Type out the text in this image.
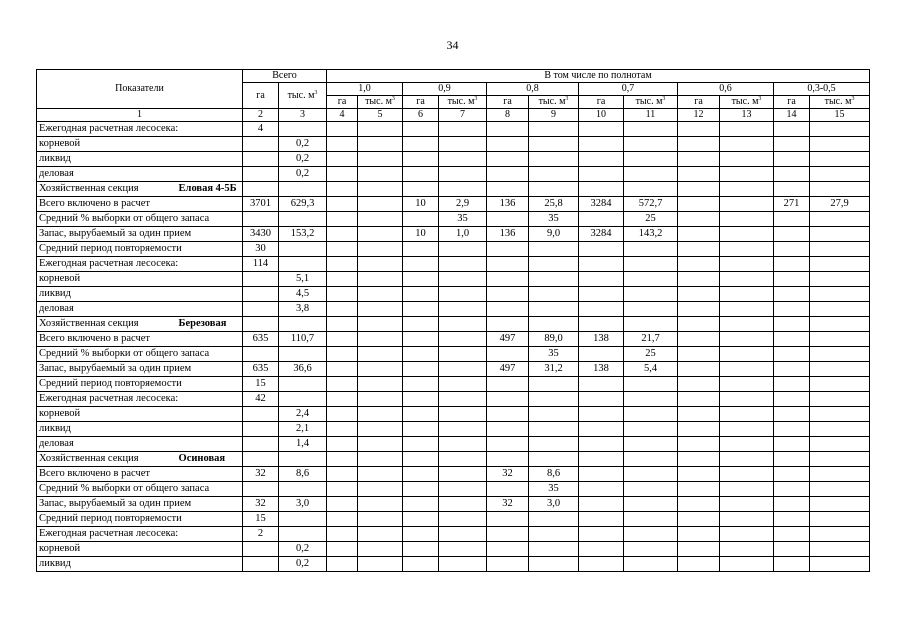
34
Показатели	Всего		В том числе по полнотам											
	га	тыс. $м^3$	1,0		0,9		0,8		0,7		0,6		0,3-0,5	
			га	тыс. $м^3$	га	тыс. $м^3$	га	тыс. $м^3$	га	тыс. $м^3$	га	тыс. $м^3$	га	тыс. $м^3$
1	2	3	4	5	6	7	8	9	10	11	12	13	14	15
Ежегодная расчетная лесосека:	4													
корневой		0,2												
ликвид		0,2												
деловая		0,2												
Хозяйственная секция Еловая 4-5Б														
Всего включено в расчет	3701	629,3			10	2,9	136	25,8	3284	572,7			271	27,9
Средний % выборки от общего запаса						35		35		25				
Запас, вырубаемый за один прием	3430	153,2			10	1,0	136	9,0	3284	143,2				
Средний период повторяемости	30													
Ежегодная расчетная лесосека:	114													
корневой		5,1												
ликвид		4,5												
деловая		3,8												
Хозяйственная секция Березовая														
Всего включено в расчет	635	110,7					497	89,0	138	21,7				
Средний % выборки от общего запаса								35		25				
Запас, вырубаемый за один прием	635	36,6					497	31,2	138	5,4				
Средний период повторяемости	15													
Ежегодная расчетная лесосека:	42													
корневой		2,4												
ликвид		2,1												
деловая		1,4												
Хозяйственная секция Осиновая														
Всего включено в расчет	32	8,6					32	8,6						
Средний % выборки от общего запаса								35						
Запас, вырубаемый за один прием	32	3,0					32	3,0						
Средний период повторяемости	15													
Ежегодная расчетная лесосека:	2													
корневой		0,2												
ликвид		0,2												
